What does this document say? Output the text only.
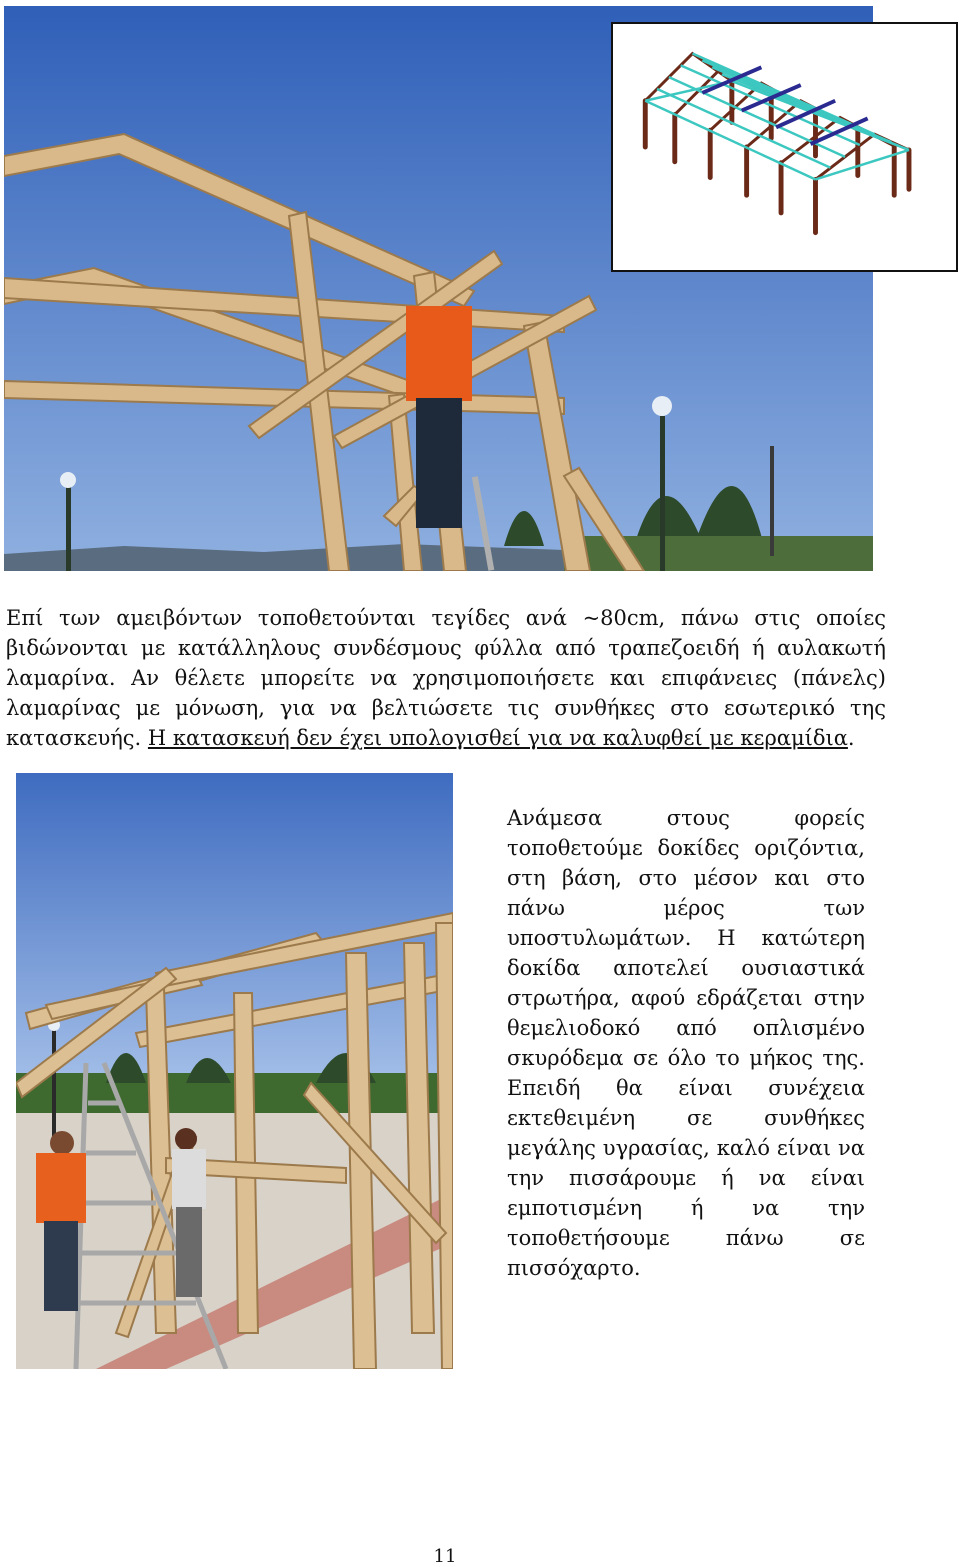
Επί των αμειβόντων τοποθετούνται τεγίδες ανά ~80cm, πάνω στις οποίες βιδώνονται με κατάλληλους συνδέσμους φύλλα από τραπεζοειδή ή αυλακωτή λαμαρίνα. Αν θέλετε μπορείτε να χρησιμοποιήσετε και επιφάνειες (πάνελς) λαμαρίνας με μόνωση, για να βελτιώσετε τις συνθήκες στο εσωτερικό της κατασκευής. Η κατασκευή δεν έχει υπολογισθεί για να καλυφθεί με κεραμίδια.

Ανάμεσα στους φορείς τοποθετούμε δοκίδες οριζόντια, στη βάση, στο μέσον και στο πάνω μέρος των υποστυλωμάτων. Η κατώτερη δοκίδα αποτελεί ουσιαστικά στρωτήρα, αφού εδράζεται στην θεμελιοδοκό από οπλισμένο σκυρόδεμα σε όλο το μήκος της. Επειδή θα είναι συνέχεια εκτεθειμένη σε συνθήκες μεγάλης υγρασίας, καλό είναι να την πισσάρουμε ή να είναι εμποτισμένη ή να την τοποθετήσουμε πάνω σε πισσόχαρτο.

11
